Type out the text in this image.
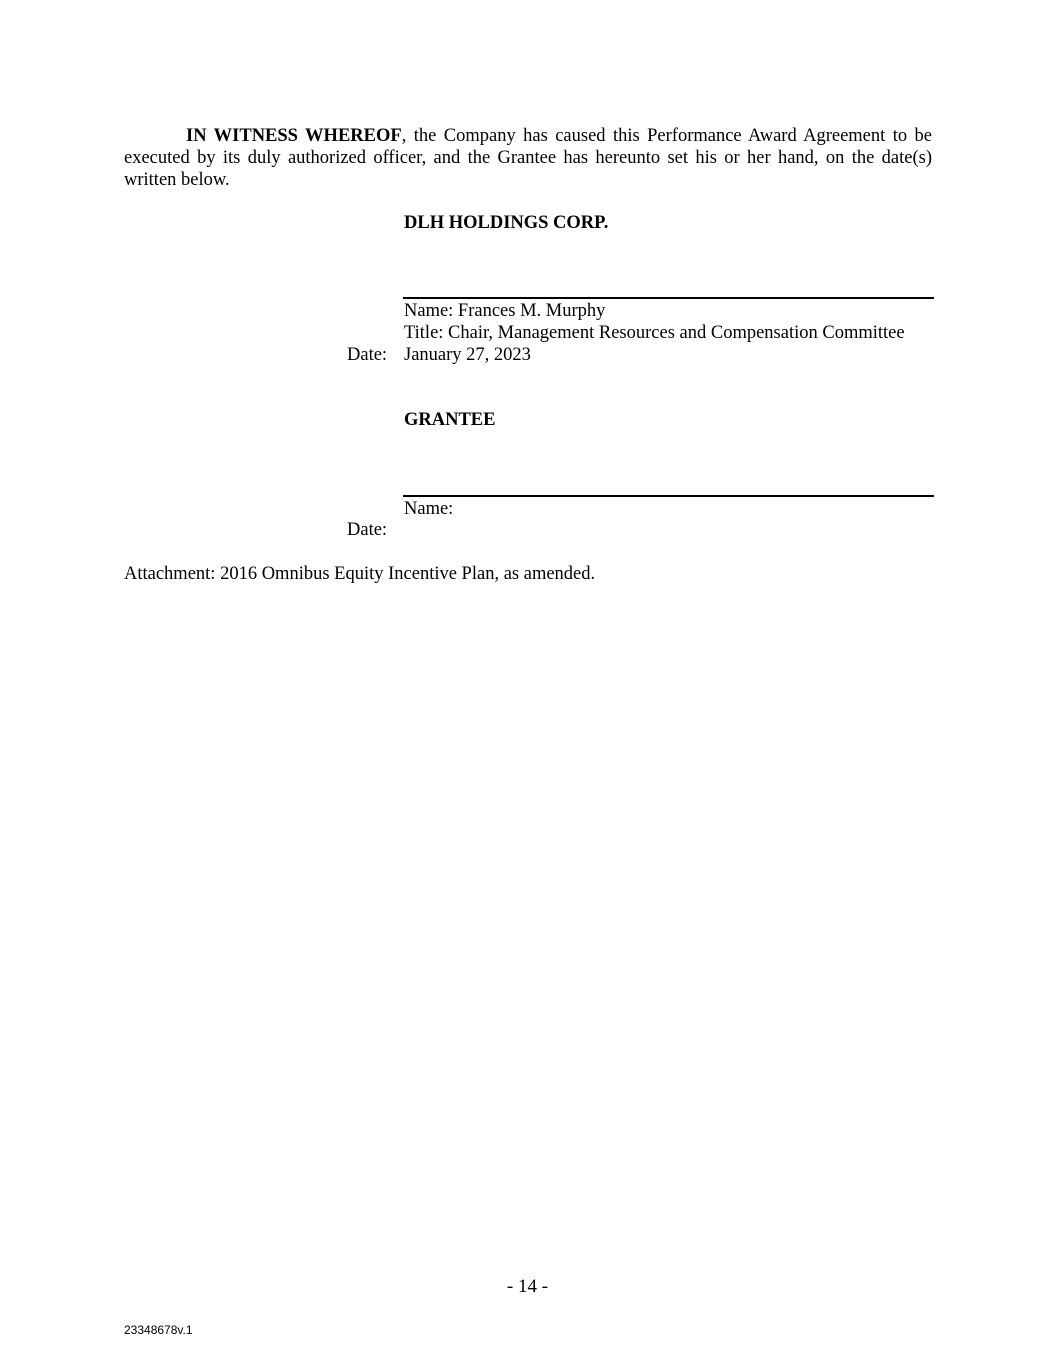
IN WITNESS WHEREOF, the Company has caused this Performance Award Agreement to be executed by its duly authorized officer, and the Grantee has hereunto set his or her hand, on the date(s) written below.

DLH HOLDINGS CORP.
Name: Frances M. Murphy
Title: Chair, Management Resources and Compensation Committee
Date: January 27, 2023
GRANTEE
Name:
Date:
Attachment: 2016 Omnibus Equity Incentive Plan, as amended.
- 14 -
23348678v.1
